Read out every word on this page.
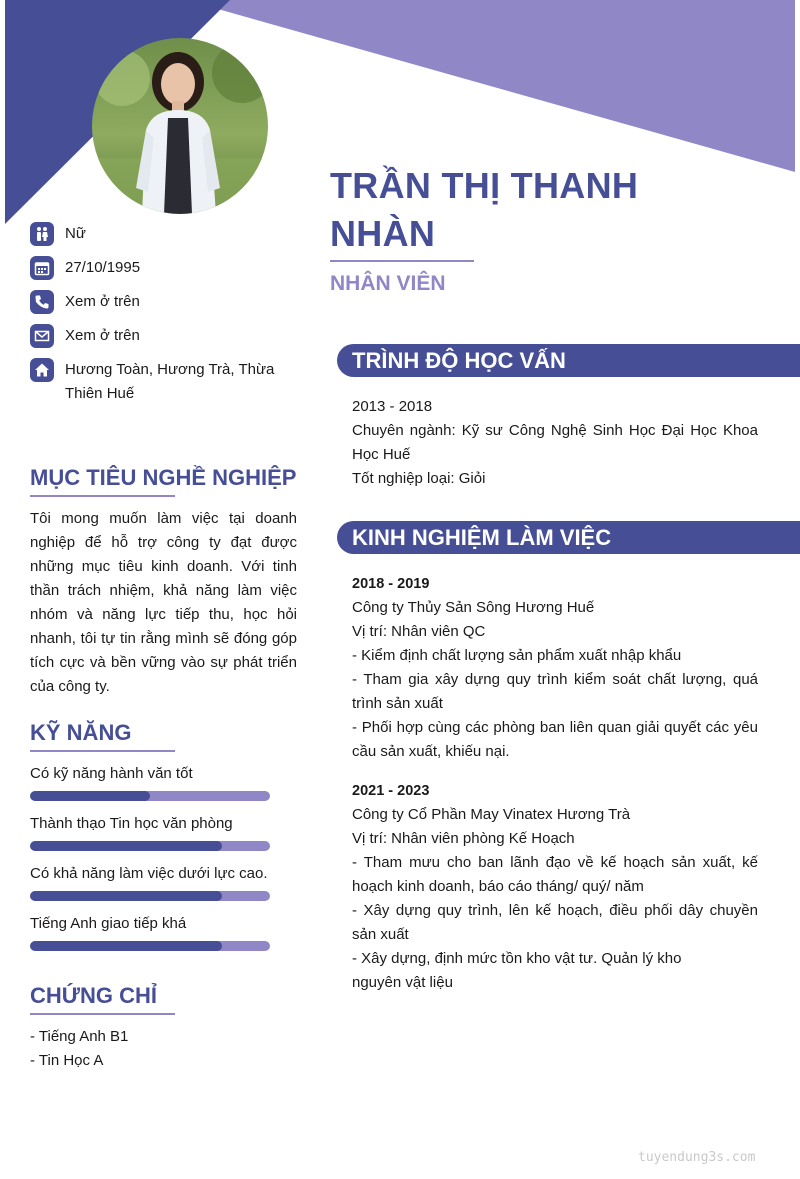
TRẦN THỊ THANH
NHÀN
NHÂN VIÊN
Nữ
27/10/1995
Xem ở trên
Xem ở trên
Hương Toàn, Hương Trà, Thừa Thiên Huế
MỤC TIÊU NGHỀ NGHIỆP
Tôi mong muốn làm việc tại doanh nghiệp để hỗ trợ công ty đạt được những mục tiêu kinh doanh. Với tinh thần trách nhiệm, khả năng làm việc nhóm và năng lực tiếp thu, học hỏi nhanh, tôi tự tin rằng mình sẽ đóng góp tích cực và bền vững vào sự phát triển của công ty.
KỸ NĂNG
Có kỹ năng hành văn tốt
Thành thạo Tin học văn phòng
Có khả năng làm việc dưới lực cao.
Tiếng Anh giao tiếp khá
CHỨNG CHỈ
- Tiếng Anh B1
- Tin Học A
TRÌNH ĐỘ HỌC VẤN
2013 - 2018
Chuyên ngành: Kỹ sư Công Nghệ Sinh Học Đại Học Khoa Học Huế
Tốt nghiệp loại: Giỏi
KINH NGHIỆM LÀM VIỆC
2018 - 2019
Công ty Thủy Sản Sông Hương Huế
Vị trí: Nhân viên QC
- Kiểm định chất lượng sản phẩm xuất nhập khẩu
- Tham gia xây dựng quy trình kiểm soát chất lượng, quá trình sản xuất
- Phối hợp cùng các phòng ban liên quan giải quyết các yêu cầu sản xuất, khiếu nại.
2021 - 2023
Công ty Cổ Phần May Vinatex Hương Trà
Vị trí: Nhân viên phòng Kế Hoạch
- Tham mưu cho ban lãnh đạo về kế hoạch sản xuất, kế hoạch kinh doanh, báo cáo tháng/ quý/ năm
- Xây dựng quy trình, lên kế hoạch, điều phối dây chuyền sản xuất
- Xây dựng, định mức tồn kho vật tư. Quản lý kho
nguyên vật liệu
tuyendung3s.com
